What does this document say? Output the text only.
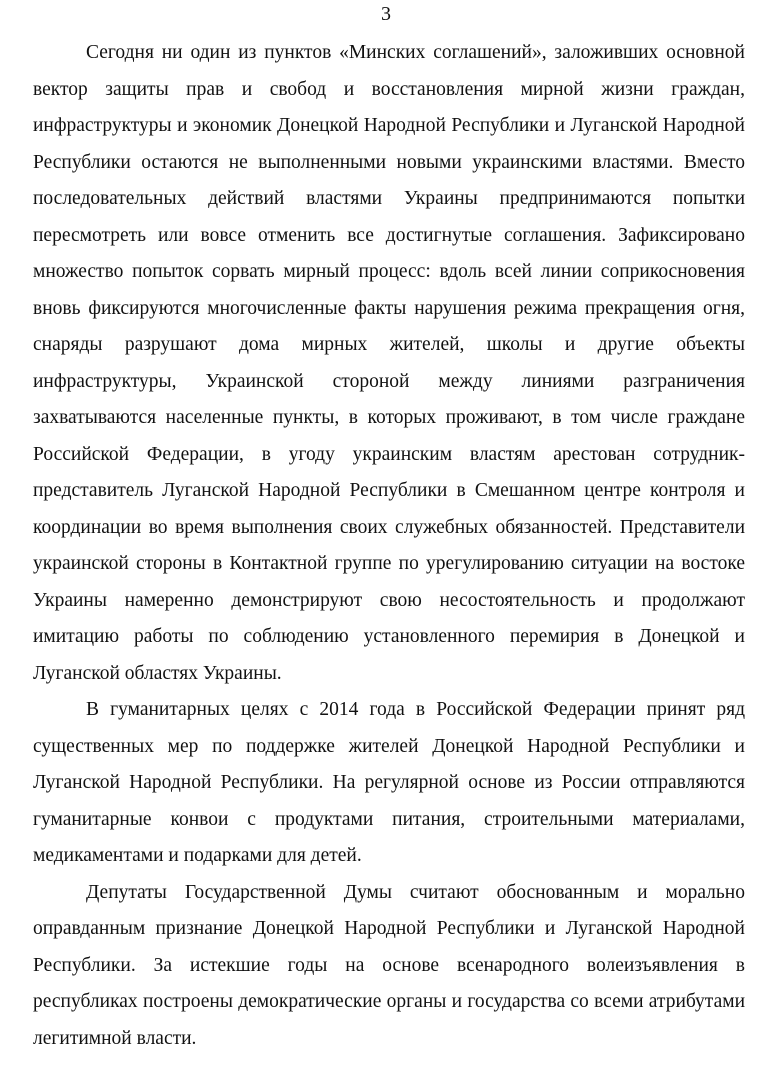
3

Сегодня ни один из пунктов «Минских соглашений», заложивших основной вектор защиты прав и свобод и восстановления мирной жизни граждан, инфраструктуры и экономик Донецкой Народной Республики и Луганской Народной Республики остаются не выполненными новыми украинскими властями. Вместо последовательных действий властями Украины предпринимаются попытки пересмотреть или вовсе отменить все достигнутые соглашения. Зафиксировано множество попыток сорвать мирный процесс: вдоль всей линии соприкосновения вновь фиксируются многочисленные факты нарушения режима прекращения огня, снаряды разрушают дома мирных жителей, школы и другие объекты инфраструктуры, Украинской стороной между линиями разграничения захватываются населенные пункты, в которых проживают, в том числе граждане Российской Федерации, в угоду украинским властям арестован сотрудник-представитель Луганской Народной Республики в Смешанном центре контроля и координации во время выполнения своих служебных обязанностей. Представители украинской стороны в Контактной группе по урегулированию ситуации на востоке Украины намеренно демонстрируют свою несостоятельность и продолжают имитацию работы по соблюдению установленного перемирия в Донецкой и Луганской областях Украины.

В гуманитарных целях с 2014 года в Российской Федерации принят ряд существенных мер по поддержке жителей Донецкой Народной Республики и Луганской Народной Республики. На регулярной основе из России отправляются гуманитарные конвои с продуктами питания, строительными материалами, медикаментами и подарками для детей.

Депутаты Государственной Думы считают обоснованным и морально оправданным признание Донецкой Народной Республики и Луганской Народной Республики. За истекшие годы на основе всенародного волеизъявления в республиках построены демократические органы и государства со всеми атрибутами легитимной власти.
